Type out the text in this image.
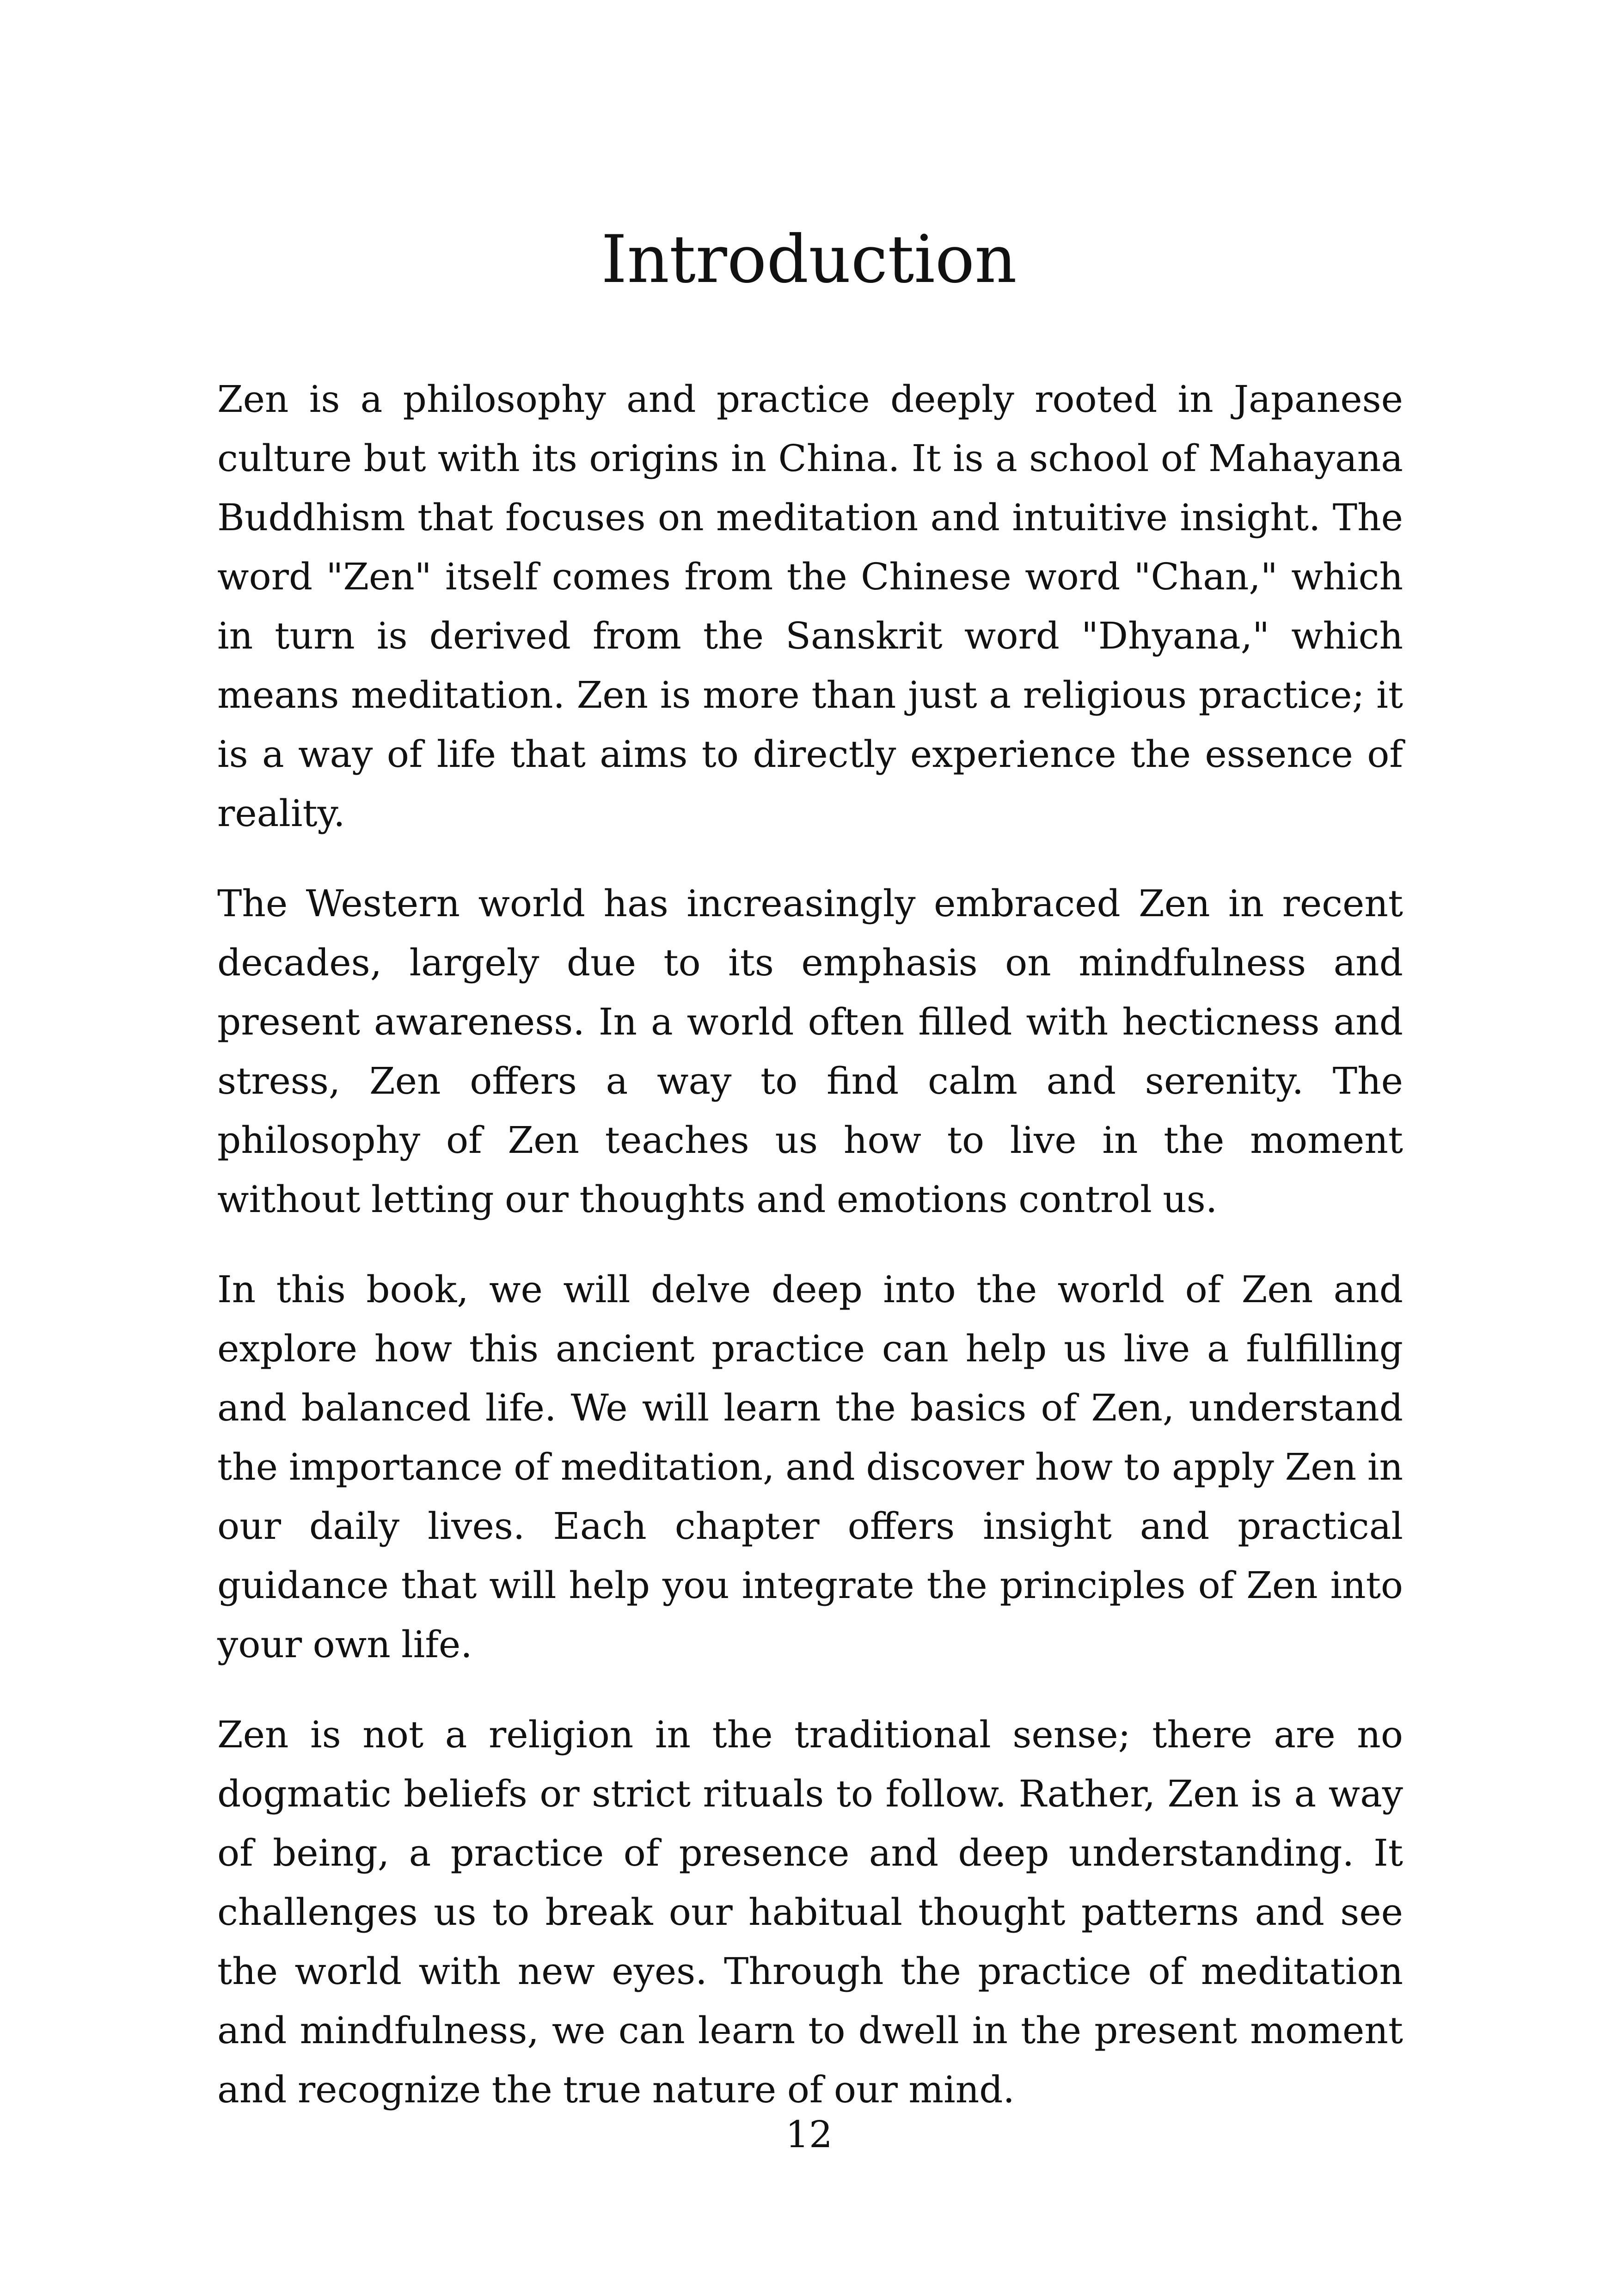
Introduction

Zen is a philosophy and practice deeply rooted in Japanese culture but with its origins in China. It is a school of Mahayana Buddhism that focuses on meditation and intuitive insight. The word "Zen" itself comes from the Chinese word "Chan," which in turn is derived from the Sanskrit word "Dhyana," which means meditation. Zen is more than just a religious practice; it is a way of life that aims to directly experience the essence of reality.

The Western world has increasingly embraced Zen in recent decades, largely due to its emphasis on mindfulness and present awareness. In a world often filled with hecticness and stress, Zen offers a way to find calm and serenity. The philosophy of Zen teaches us how to live in the moment without letting our thoughts and emotions control us.

In this book, we will delve deep into the world of Zen and explore how this ancient practice can help us live a fulfilling and balanced life. We will learn the basics of Zen, understand the importance of meditation, and discover how to apply Zen in our daily lives. Each chapter offers insight and practical guidance that will help you integrate the principles of Zen into your own life.

Zen is not a religion in the traditional sense; there are no dogmatic beliefs or strict rituals to follow. Rather, Zen is a way of being, a practice of presence and deep understanding. It challenges us to break our habitual thought patterns and see the world with new eyes. Through the practice of meditation and mindfulness, we can learn to dwell in the present moment and recognize the true nature of our mind.

12
